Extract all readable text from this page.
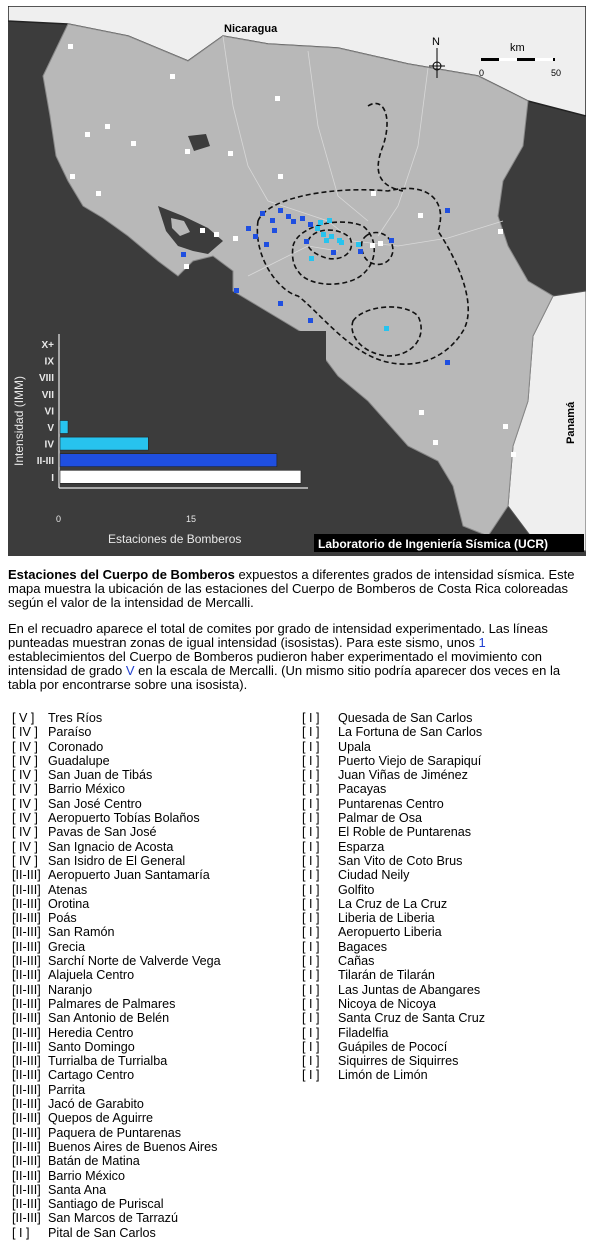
Nicaragua
Panamá
N	km
0	50
Intensidad (IMM)
Estaciones de Bomberos
0	15
X+
IX
VIII
VII
VI
V
IV
II-III
I
Laboratorio de Ingeniería Sísmica (UCR)
Estaciones del Cuerpo de Bomberos expuestos a diferentes grados de intensidad sísmica. Este mapa muestra la ubicación de las estaciones del Cuerpo de Bomberos de Costa Rica coloreadas según el valor de la intensidad de Mercalli.
En el recuadro aparece el total de comites por grado de intensidad experimentado. Las líneas punteadas muestran zonas de igual intensidad (isosistas). Para este sismo, unos 1 establecimientos del Cuerpo de Bomberos pudieron haber experimentado el movimiento con intensidad de grado V en la escala de Mercalli. (Un mismo sitio podría aparecer dos veces en la tabla por encontrarse sobre una isosista).
[ V ] Tres Ríos
[ IV ] Paraíso
[ IV ] Coronado
[ IV ] Guadalupe
[ IV ] San Juan de Tibás
[ IV ] Barrio México
[ IV ] San José Centro
[ IV ] Aeropuerto Tobías Bolaños
[ IV ] Pavas de San José
[ IV ] San Ignacio de Acosta
[ IV ] San Isidro de El General
[II-III] Aeropuerto Juan Santamaría
[II-III] Atenas
[II-III] Orotina
[II-III] Poás
[II-III] San Ramón
[II-III] Grecia
[II-III] Sarchí Norte de Valverde Vega
[II-III] Alajuela Centro
[II-III] Naranjo
[II-III] Palmares de Palmares
[II-III] San Antonio de Belén
[II-III] Heredia Centro
[II-III] Santo Domingo
[II-III] Turrialba de Turrialba
[II-III] Cartago Centro
[II-III] Parrita
[II-III] Jacó de Garabito
[II-III] Quepos de Aguirre
[II-III] Paquera de Puntarenas
[II-III] Buenos Aires de Buenos Aires
[II-III] Batán de Matina
[II-III] Barrio México
[II-III] Santa Ana
[II-III] Santiago de Puriscal
[II-III] San Marcos de Tarrazú
[ I ] Pital de San Carlos
[ I ] Quesada de San Carlos
[ I ] La Fortuna de San Carlos
[ I ] Upala
[ I ] Puerto Viejo de Sarapiquí
[ I ] Juan Viñas de Jiménez
[ I ] Pacayas
[ I ] Puntarenas Centro
[ I ] Palmar de Osa
[ I ] El Roble de Puntarenas
[ I ] Esparza
[ I ] San Vito de Coto Brus
[ I ] Ciudad Neily
[ I ] Golfito
[ I ] La Cruz de La Cruz
[ I ] Liberia de Liberia
[ I ] Aeropuerto Liberia
[ I ] Bagaces
[ I ] Cañas
[ I ] Tilarán de Tilarán
[ I ] Las Juntas de Abangares
[ I ] Nicoya de Nicoya
[ I ] Santa Cruz de Santa Cruz
[ I ] Filadelfia
[ I ] Guápiles de Pococí
[ I ] Siquirres de Siquirres
[ I ] Limón de Limón
